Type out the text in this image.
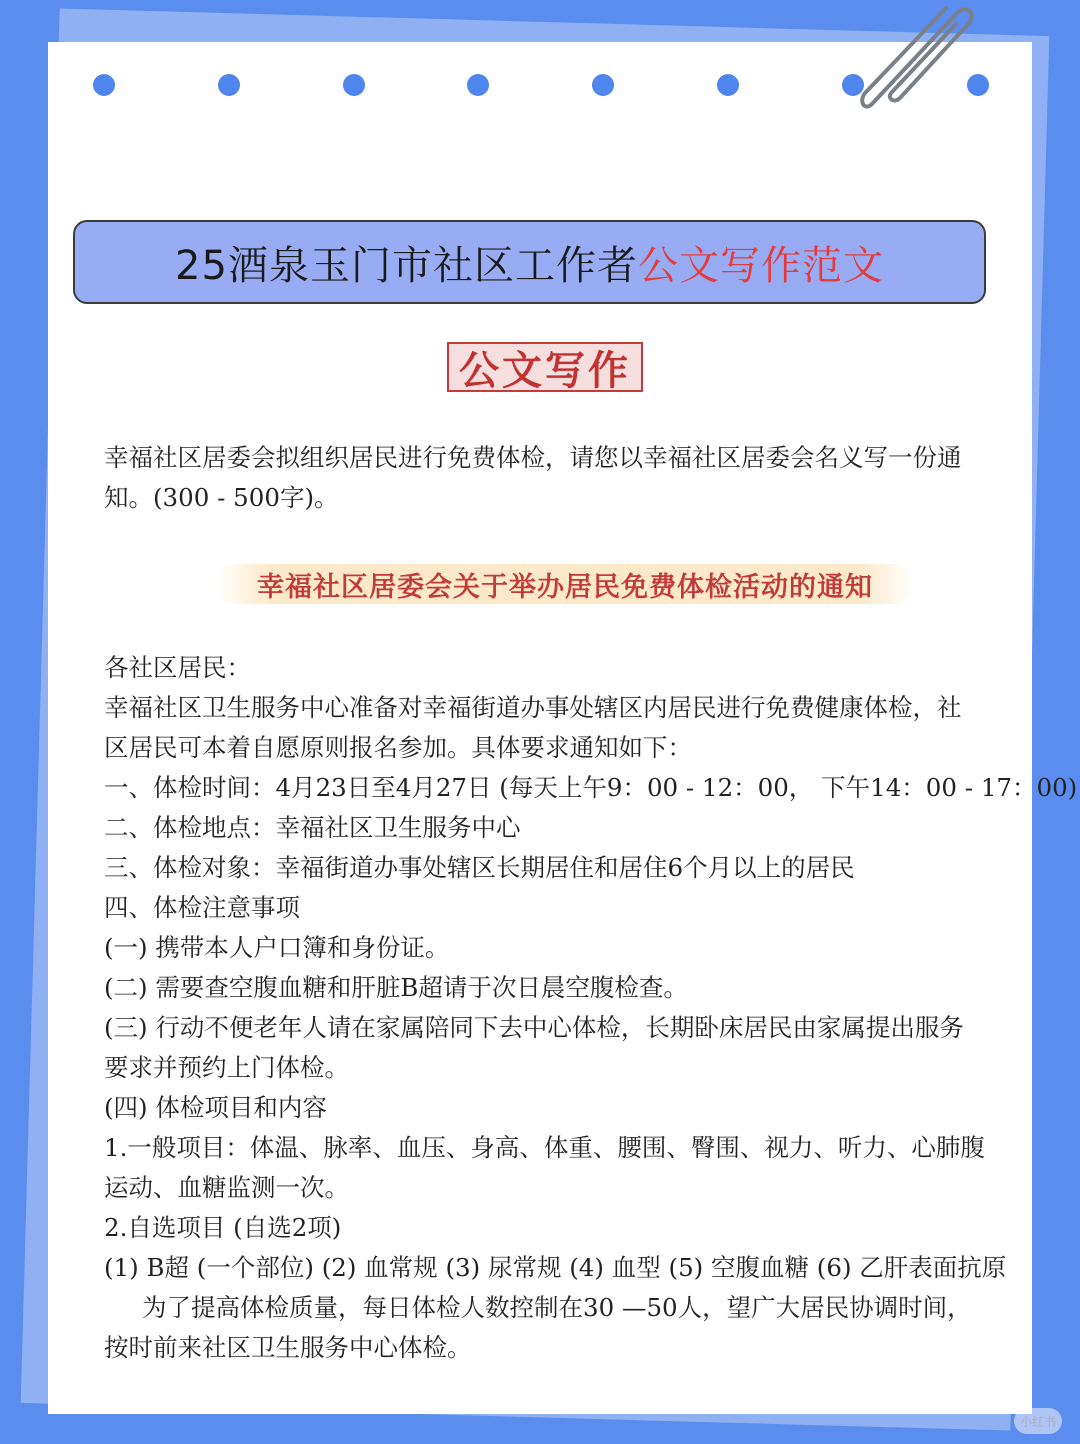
25酒泉玉门市社区工作者 公文写作范文
公文写作
幸福社区居委会拟组织居民进行免费体检，请您以幸福社区居委会名义写一份通
知。(300 - 500字)。
幸福社区居委会关于举办居民免费体检活动的通知
各社区居民：
幸福社区卫生服务中心准备对幸福街道办事处辖区内居民进行免费健康体检，社
区居民可本着自愿原则报名参加。具体要求通知如下：
一、体检时间：4月23日至4月27日 (每天上午9：00 - 12：00， 下午14：00 - 17：00)
二、体检地点：幸福社区卫生服务中心
三、体检对象：幸福街道办事处辖区长期居住和居住6个月以上的居民
四、体检注意事项
(一) 携带本人户口簿和身份证。
(二) 需要查空腹血糖和肝脏B超请于次日晨空腹检查。
(三) 行动不便老年人请在家属陪同下去中心体检，长期卧床居民由家属提出服务
要求并预约上门体检。
(四) 体检项目和内容
1.一般项目：体温、脉率、血压、身高、体重、腰围、臀围、视力、听力、心肺腹
运动、血糖监测一次。
2.自选项目 (自选2项)
(1) B超 (一个部位) (2) 血常规 (3) 尿常规 (4) 血型 (5) 空腹血糖 (6) 乙肝表面抗原
为了提高体检质量，每日体检人数控制在30 —50人，望广大居民协调时间，
按时前来社区卫生服务中心体检。
小红书
